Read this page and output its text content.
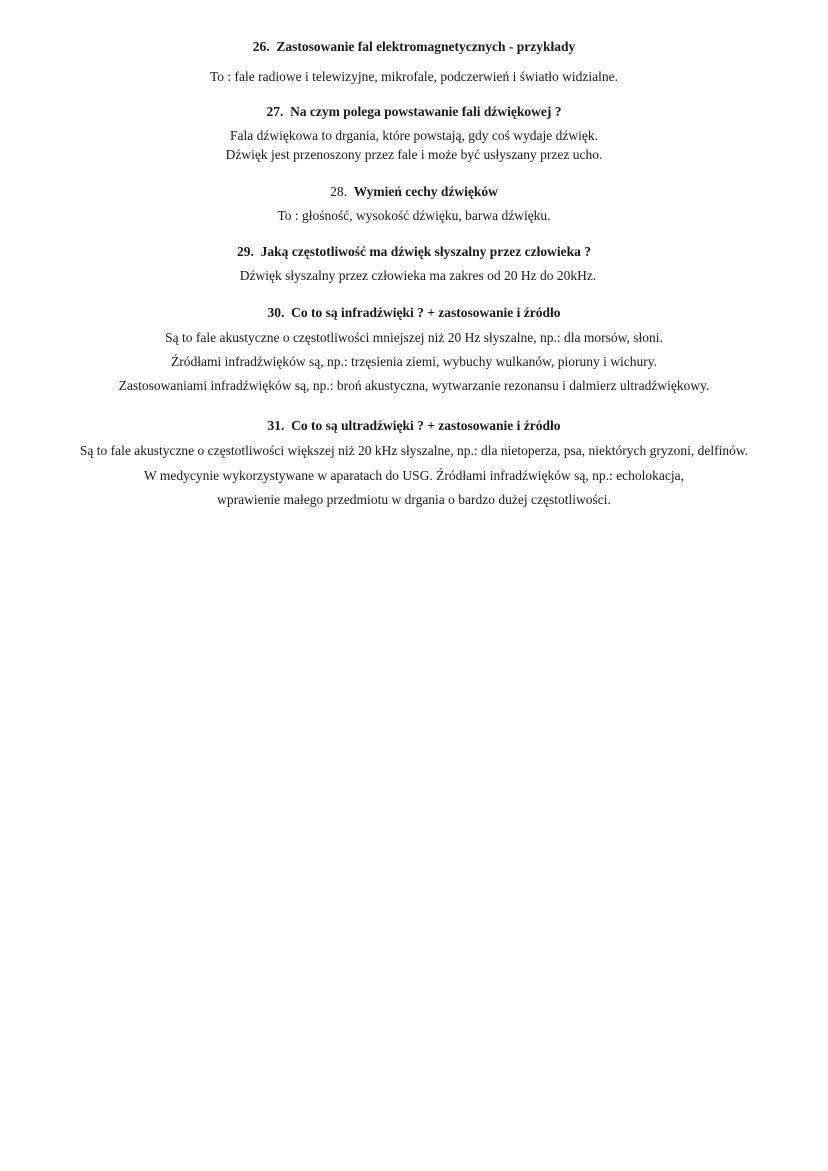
26. Zastosowanie fal elektromagnetycznych - przykłady
To : fale radiowe i telewizyjne, mikrofale, podczerwień i światło widzialne.
27. Na czym polega powstawanie fali dźwiękowej ?
Fala dźwiękowa to drgania, które powstają, gdy coś wydaje dźwięk.
Dźwięk jest przenoszony przez fale i może być usłyszany przez ucho.
28. Wymień cechy dźwięków
To : głośność, wysokość dźwięku, barwa dźwięku.
29. Jaką częstotliwość ma dźwięk słyszalny przez człowieka ?
Dźwięk słyszalny przez człowieka ma zakres od 20 Hz do 20kHz.
30. Co to są infradźwięki ? + zastosowanie i źródło
Są to fale akustyczne o częstotliwości mniejszej niż 20 Hz słyszalne, np.: dla morsów, słoni.
Źródłami infradźwięków są, np.: trzęsienia ziemi, wybuchy wulkanów, pioruny i wichury.
Zastosowaniami infradźwięków są, np.: broń akustyczna, wytwarzanie rezonansu i dalmierz ultradźwiękowy.
31. Co to są ultradźwięki ? + zastosowanie i źródło
Są to fale akustyczne o częstotliwości większej niż 20 kHz słyszalne, np.: dla nietoperza, psa, niektórych gryzoni, delfinów.
W medycynie wykorzystywane w aparatach do USG. Źródłami infradźwięków są, np.: echolokacja,
wprawienie małego przedmiotu w drgania o bardzo dużej częstotliwości.
